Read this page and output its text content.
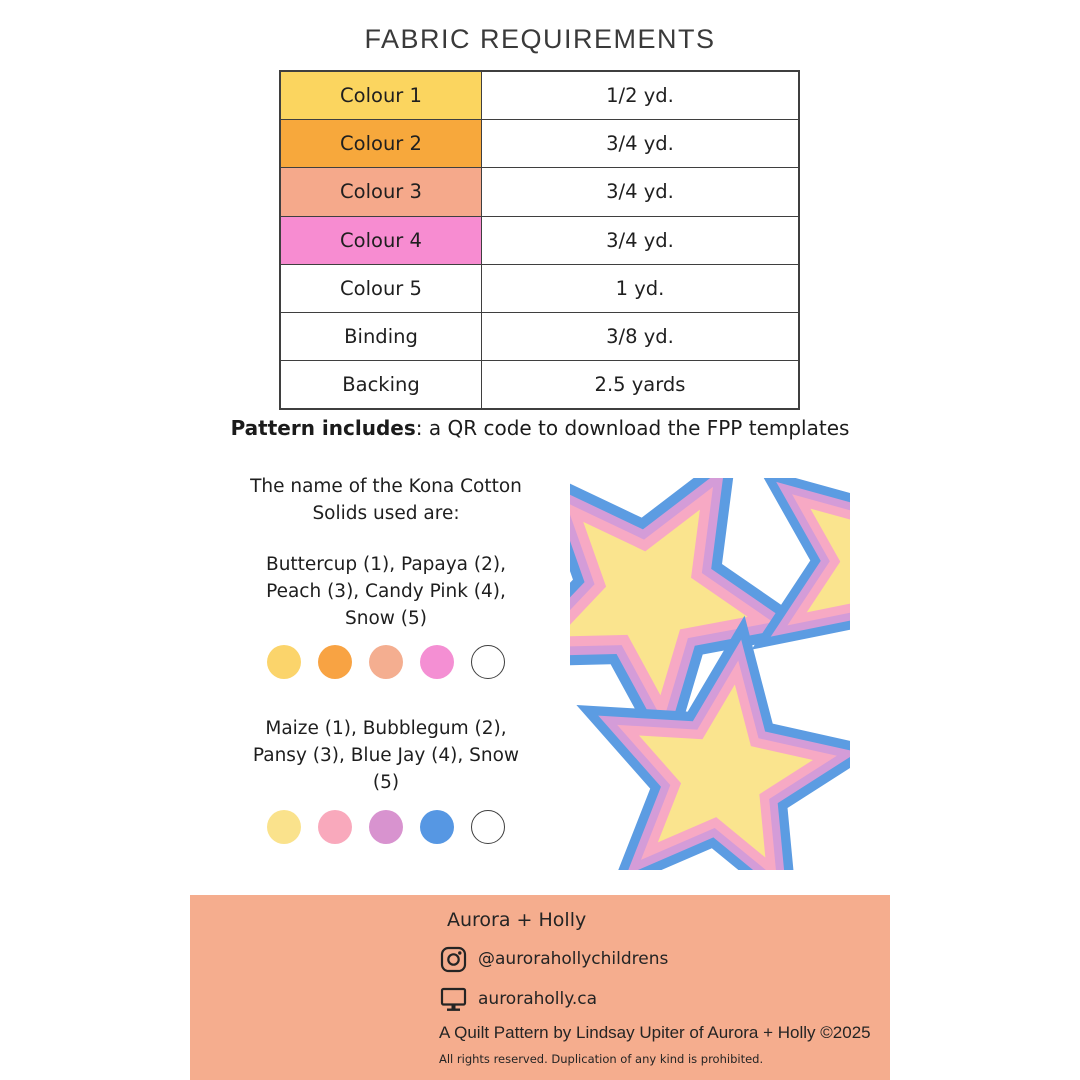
FABRIC REQUIREMENTS
Colour 1	1/2 yd.
Colour 2	3/4 yd.
Colour 3	3/4 yd.
Colour 4	3/4 yd.
Colour 5	1 yd.
Binding	3/8 yd.
Backing	2.5 yards
Pattern includes: a QR code to download the FPP templates
The name of the Kona Cotton
Solids used are:
Buttercup (1), Papaya (2),
Peach (3), Candy Pink (4),
Snow (5)
Maize (1), Bubblegum (2),
Pansy (3), Blue Jay (4), Snow
(5)
Aurora + Holly
@aurorahollychildrens
auroraholly.ca
A Quilt Pattern by Lindsay Upiter of Aurora + Holly ©2025
All rights reserved. Duplication of any kind is prohibited.
